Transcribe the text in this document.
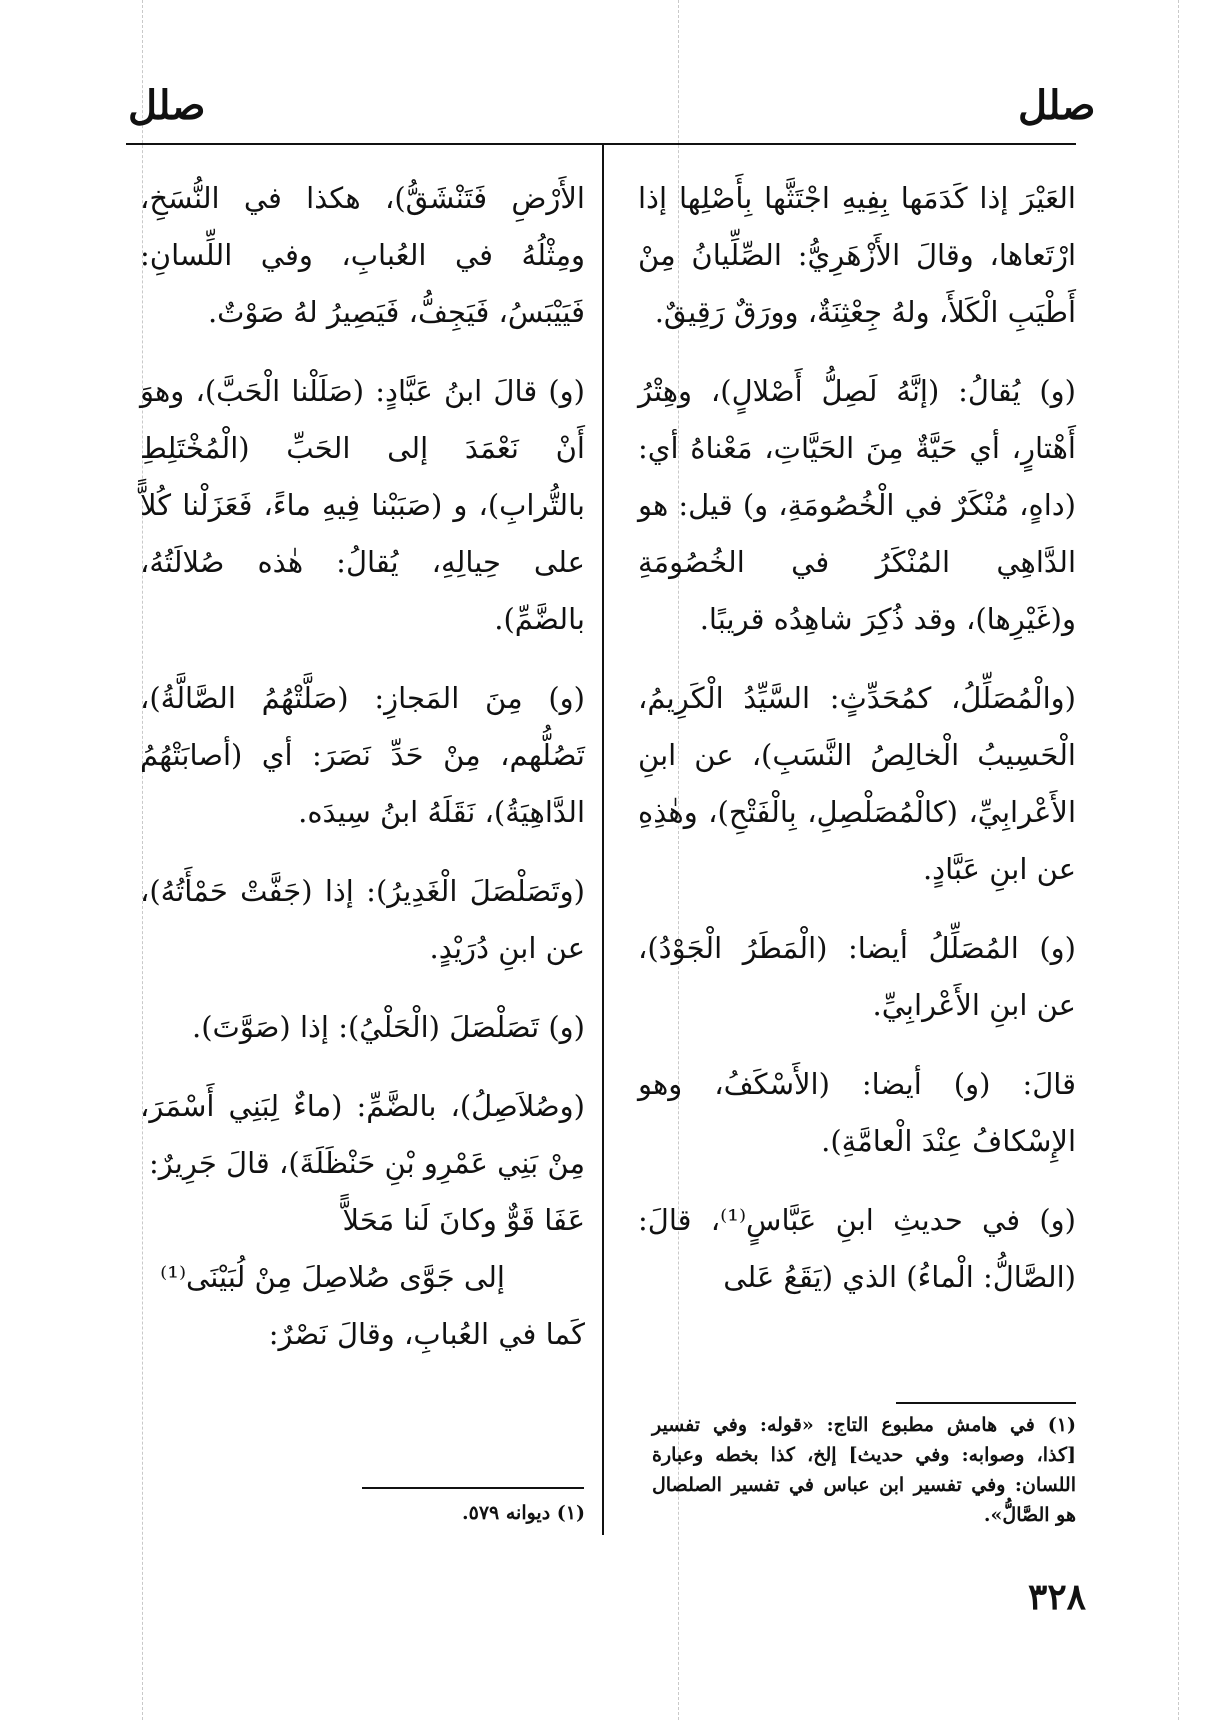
صلل
صلل

العَيْرَ إذا كَدَمَها بِفِيهِ اجْتَثَّها بِأَصْلِها إذا ارْتَعاها، وقالَ الأَزْهَرِيُّ: الصِّلِّيانُ مِنْ أَطْيَبِ الْكَلأَ، ولهُ جِعْثِنَةٌ، وورَقٌ رَقِيقٌ.

(و) يُقالُ: (إنَّهُ لَصِلُّ أَصْلالٍ)، وهِتْرُ أَهْتارٍ، أي حَيَّةٌ مِنَ الحَيَّاتِ، مَعْناهُ أي: (داهٍ، مُنْكَرٌ في الْخُصُومَةِ، و) قيل: هو الدَّاهِي المُنْكَرُ في الخُصُومَةِ و(غَيْرِها)، وقد ذُكِرَ شاهِدُه قريبًا.

(والْمُصَلِّلُ، كمُحَدِّثٍ: السَّيِّدُ الْكَرِيمُ، الْحَسِيبُ الْخالِصُ النَّسَبِ)، عن ابنِ الأَعْرابِيِّ، (كالْمُصَلْصِلِ، بِالْفَتْحِ)، وهٰذِهِ عن ابنِ عَبَّادٍ.

(و) المُصَلِّلُ أيضا: (الْمَطَرُ الْجَوْدُ)، عن ابنِ الأَعْرابِيِّ.

قالَ: (و) أيضا: (الأَسْكَفُ، وهو الإِسْكافُ عِنْدَ الْعامَّةِ).

(و) في حديثِ ابنِ عَبَّاسٍ⁽¹⁾، قالَ: (الصَّالُّ: الْماءُ) الذي (يَقَعُ عَلى

(١) في هامش مطبوع التاج: «قوله: وفي تفسير [كذا، وصوابه: وفي حديث] إلخ، كذا بخطه وعبارة اللسان: وفي تفسير ابن عباس في تفسير الصلصال هو الصَّالُّ».

الأَرْضِ فَتَنْشَقُّ)، هكذا في النُّسَخِ، ومِثْلُهُ في العُبابِ، وفي اللِّسانِ: فَيَيْبَسُ، فَيَجِفُّ، فَيَصِيرُ لهُ صَوْتٌ.

(و) قالَ ابنُ عَبَّادٍ: (صَلَلْنا الْحَبَّ)، وهوَ أَنْ نَعْمَدَ إلى الحَبِّ (الْمُخْتَلِطِ بالتُّرابِ)، و (صَبَبْنا فِيهِ ماءً، فَعَزَلْنا كُلاًّ على حِيالِهِ، يُقالُ: هٰذه صُلالَتُهُ، بالضَّمِّ).

(و) مِنَ المَجازِ: (صَلَّتْهُمُ الصَّالَّةُ)، تَصُلُّهم، مِنْ حَدِّ نَصَرَ: أي (أصابَتْهُمُ الدَّاهِيَةُ)، نَقَلَهُ ابنُ سِيدَه.

(وتَصَلْصَلَ الْغَدِيرُ): إذا (جَفَّتْ حَمْأَتُهُ)، عن ابنِ دُرَيْدٍ.

(و) تَصَلْصَلَ (الْحَلْيُ): إذا (صَوَّتَ).

(وصُلاَصِلُ)، بالضَّمِّ: (ماءٌ لِبَنِي أَسْمَرَ، مِنْ بَنِي عَمْرِو بْنِ حَنْظَلَةَ)، قالَ جَرِيرٌ:

عَفَا قَوٌّ وكانَ لَنا مَحَلاًّ
إلى جَوَّى صُلاصِلَ مِنْ لُبَيْنَى⁽¹⁾

كَما في العُبابِ، وقالَ نَصْرٌ:

(١) ديوانه ٥٧٩.
٣٢٨
